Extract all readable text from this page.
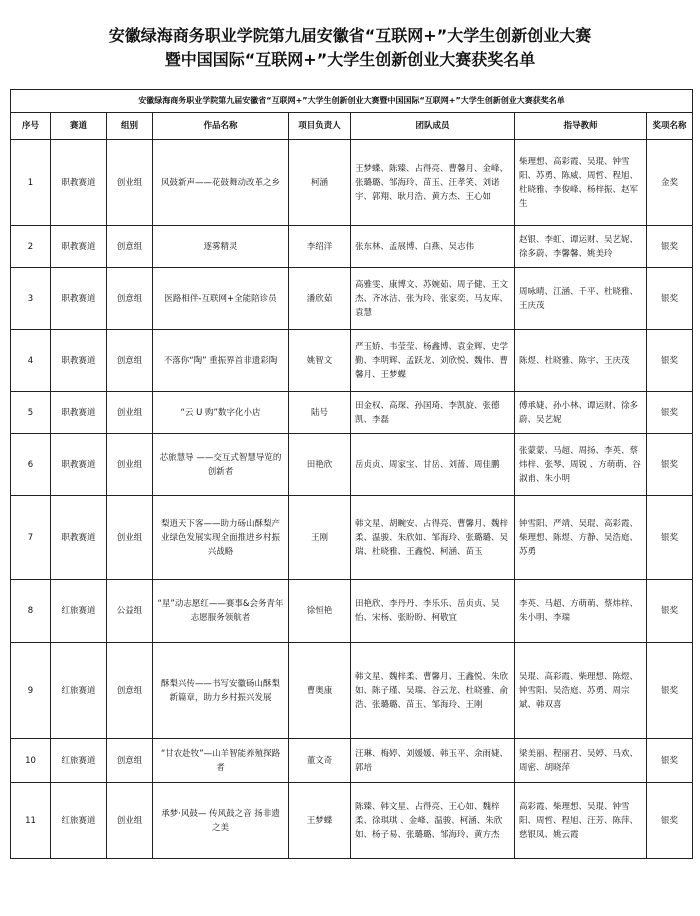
安徽绿海商务职业学院第九届安徽省“互联网+”大学生创新创业大赛
暨中国国际“互联网+”大学生创新创业大赛获奖名单
安徽绿海商务职业学院第九届安徽省“互联网+”大学生创新创业大赛暨中国国际“互联网+”大学生创新创业大赛获奖名单							
序号	赛道	组别	作品名称	项目负责人	团队成员	指导教师	奖项名称
1	职教赛道	创业组	风鼓新声——花鼓舞动改革之乡	柯涵	王梦蝶、陈臻、占得亮、曹馨月、金峰、张璐璐、邹海玲、苗玉、汪孝笑、刘诺宇、郭翔、耿月浩、黄方杰、王心如	柴理想、高彩霞、吴琨、钟雪阳、苏勇、陈威、周哲、程旭、杜晓雅、李俊峰、杨梓振、赵军生	金奖
2	职教赛道	创意组	逐雾精灵	李绍洋	张东林、孟展博、白燕、吴志伟	赵银、李虹、谭运财、吴艺妮、徐多蔚、李馨馨、姚美玲	银奖
3	职教赛道	创意组	医路相伴-互联网+全能陪诊员	潘欣茹	高雅雯、康博文、苏婉茹、周子健、王文杰、齐冰洁、张为玲、张家奕、马友库、袁慧	周咏晴、江涵、千平、杜晓雅、王庆茂	银奖
4	职教赛道	创意组	不落你“陶” 重振界首非遗彩陶	姚智文	严玉娇、韦莹莹、杨鑫博、袁金辉、史学勤、李明辉、孟跃龙、刘欣悦、魏伟、曹馨月、王梦蝶	陈煜、杜晓雅、陈宇、王庆茂	银奖
5	职教赛道	创业组	“云 U 购”数字化小店	陆号	田金权、高琛、孙国琦、李凯旋、张德凯、李磊	傅承婕、孙小林、谭运财、徐多蔚、吴艺妮	银奖
6	职教赛道	创业组	芯旅慧导 ——交互式智慧导览的创新者	田艳欣	岳贞贞、周家宝、甘岳、刘蔷、周佳鹏	张蒙蒙、马超、周扬、李英、蔡炜梓、张琴、周锐 、方萌萌、谷淑甫、朱小明	银奖
7	职教赛道	创业组	梨逍天下客——助力砀山酥梨产业绿色发展实现全面推进乡村振兴战略	王刚	韩文星、胡畹安、占得亮、曹馨月、魏梓柔、温骏、朱欣如、邹海玲、张璐璐、吴瑞、杜晓雅、王鑫悦、柯涵、苗玉	钟雪阳、严靖、吴琨、高彩霞、柴理想、陈煜、方静、吴浩庭、苏勇	银奖
8	红旅赛道	公益组	“星”动志愿红——赛事&会务青年志愿服务领航者	徐恒艳	田艳欣、李丹丹、李乐乐、岳贞贞、吴怡、宋杨、张盼盼、柯敬宜	李英、马超、方萌萌、蔡炜梓、朱小明、李瑞	银奖
9	红旅赛道	创意组	酥梨兴传——书写安徽砀山酥梨新篇章，助力乡村振兴发展	曹奥康	韩文星、魏梓柔、曹馨月、王鑫悦、朱欣如、陈子瑾、吴瑞、谷云龙、杜晓雅、俞浩、张璐璐、苗玉、邹海玲、王刚	吴琨、高彩霞、柴理想、陈煜、钟雪阳、吴浩庭、苏勇、周宗斌、韩双喜	银奖
10	红旅赛道	创意组	“甘农赴牧”—山羊智能养殖探路者	董文奇	汪琳、梅婷、刘媛媛、韩玉平、余雨婕、郭培	梁美丽、程丽君、吴婷、马欢、周密、胡晓萍	银奖
11	红旅赛道	创业组	承梦·风鼓— 传风鼓之音 扬非遗之美	王梦蝶	陈臻、韩文星、占得亮、王心如、魏梓柔、徐琪琪 、金峰、温骏、柯涵、朱欣如、杨子易、张璐璐、邹海玲、黄方杰	高彩霞、柴理想、吴琨、钟雪阳、周哲、程旭、汪芳、陈萍、慈银凤、姚云霞	银奖
